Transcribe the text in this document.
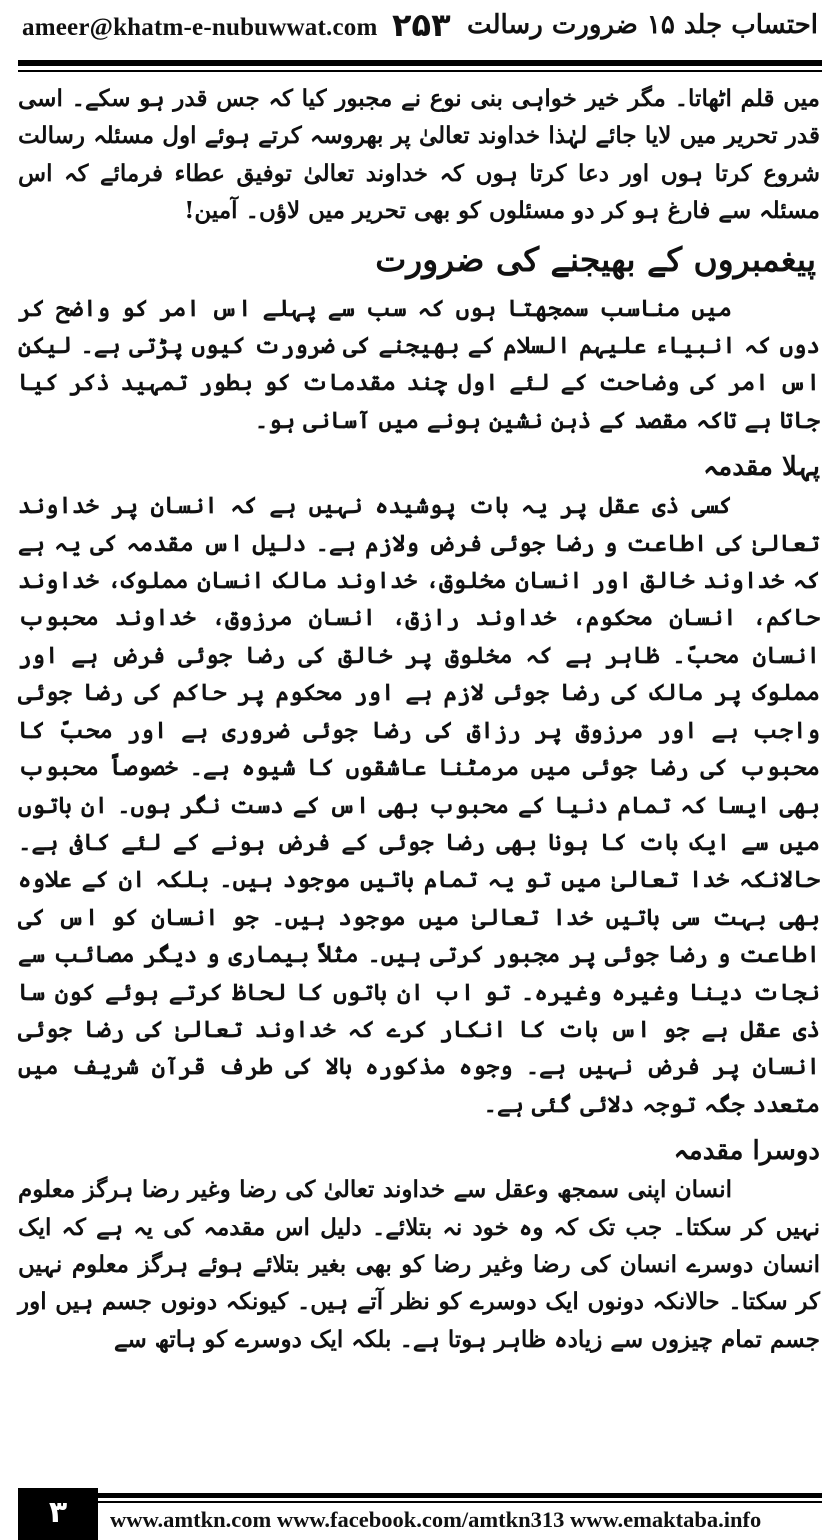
ameer@khatm-e-nubuwwat.com ۲۵۳ احتساب جلد ۱۵ ضرورت رسالت

میں قلم اٹھاتا۔ مگر خیر خواہی بنی نوع نے مجبور کیا کہ جس قدر ہو سکے۔ اسی قدر تحریر میں لایا جائے لہٰذا خداوند تعالیٰ پر بھروسہ کرتے ہوئے اول مسئلہ رسالت شروع کرتا ہوں اور دعا کرتا ہوں کہ خداوند تعالیٰ توفیق عطاء فرمائے کہ اس مسئلہ سے فارغ ہو کر دو مسئلوں کو بھی تحریر میں لاؤں۔ آمین!

پیغمبروں کے بھیجنے کی ضرورت

میں مناسب سمجھتا ہوں کہ سب سے پہلے اس امر کو واضح کر دوں کہ انبیاء علیہم السلام کے بھیجنے کی ضرورت کیوں پڑتی ہے۔ لیکن اس امر کی وضاحت کے لئے اول چند مقدمات کو بطور تمہید ذکر کیا جاتا ہے تاکہ مقصد کے ذہن نشین ہونے میں آسانی ہو۔

پہلا مقدمہ

کسی ذی عقل پر یہ بات پوشیدہ نہیں ہے کہ انسان پر خداوند تعالیٰ کی اطاعت و رضا جوئی فرض ولازم ہے۔ دلیل اس مقدمہ کی یہ ہے کہ خداوند خالق اور انسان مخلوق، خداوند مالک انسان مملوک، خداوند حاکم، انسان محکوم، خداوند رازق، انسان مرزوق، خداوند محبوب انسان محبّ۔ ظاہر ہے کہ مخلوق پر خالق کی رضا جوئی فرض ہے اور مملوک پر مالک کی رضا جوئی لازم ہے اور محکوم پر حاکم کی رضا جوئی واجب ہے اور مرزوق پر رزاق کی رضا جوئی ضروری ہے اور محبّ کا محبوب کی رضا جوئی میں مرمٹنا عاشقوں کا شیوہ ہے۔ خصوصاً محبوب بھی ایسا کہ تمام دنیا کے محبوب بھی اس کے دست نگر ہوں۔ ان باتوں میں سے ایک بات کا ہونا بھی رضا جوئی کے فرض ہونے کے لئے کافی ہے۔ حالانکہ خدا تعالیٰ میں تو یہ تمام باتیں موجود ہیں۔ بلکہ ان کے علاوہ بھی بہت سی باتیں خدا تعالیٰ میں موجود ہیں۔ جو انسان کو اس کی اطاعت و رضا جوئی پر مجبور کرتی ہیں۔ مثلاً بیماری و دیگر مصائب سے نجات دینا وغیرہ وغیرہ۔ تو اب ان باتوں کا لحاظ کرتے ہوئے کون سا ذی عقل ہے جو اس بات کا انکار کرے کہ خداوند تعالیٰ کی رضا جوئی انسان پر فرض نہیں ہے۔ وجوہ مذکورہ بالا کی طرف قرآن شریف میں متعدد جگہ توجہ دلائی گئی ہے۔

دوسرا مقدمہ

انسان اپنی سمجھ وعقل سے خداوند تعالیٰ کی رضا وغیر رضا ہرگز معلوم نہیں کر سکتا۔ جب تک کہ وہ خود نہ بتلائے۔ دلیل اس مقدمہ کی یہ ہے کہ ایک انسان دوسرے انسان کی رضا وغیر رضا کو بھی بغیر بتلائے ہوئے ہرگز معلوم نہیں کر سکتا۔ حالانکہ دونوں ایک دوسرے کو نظر آتے ہیں۔ کیونکہ دونوں جسم ہیں اور جسم تمام چیزوں سے زیادہ ظاہر ہوتا ہے۔ بلکہ ایک دوسرے کو ہاتھ سے

۳	www.amtkn.com www.facebook.com/amtkn313 www.emaktaba.info
